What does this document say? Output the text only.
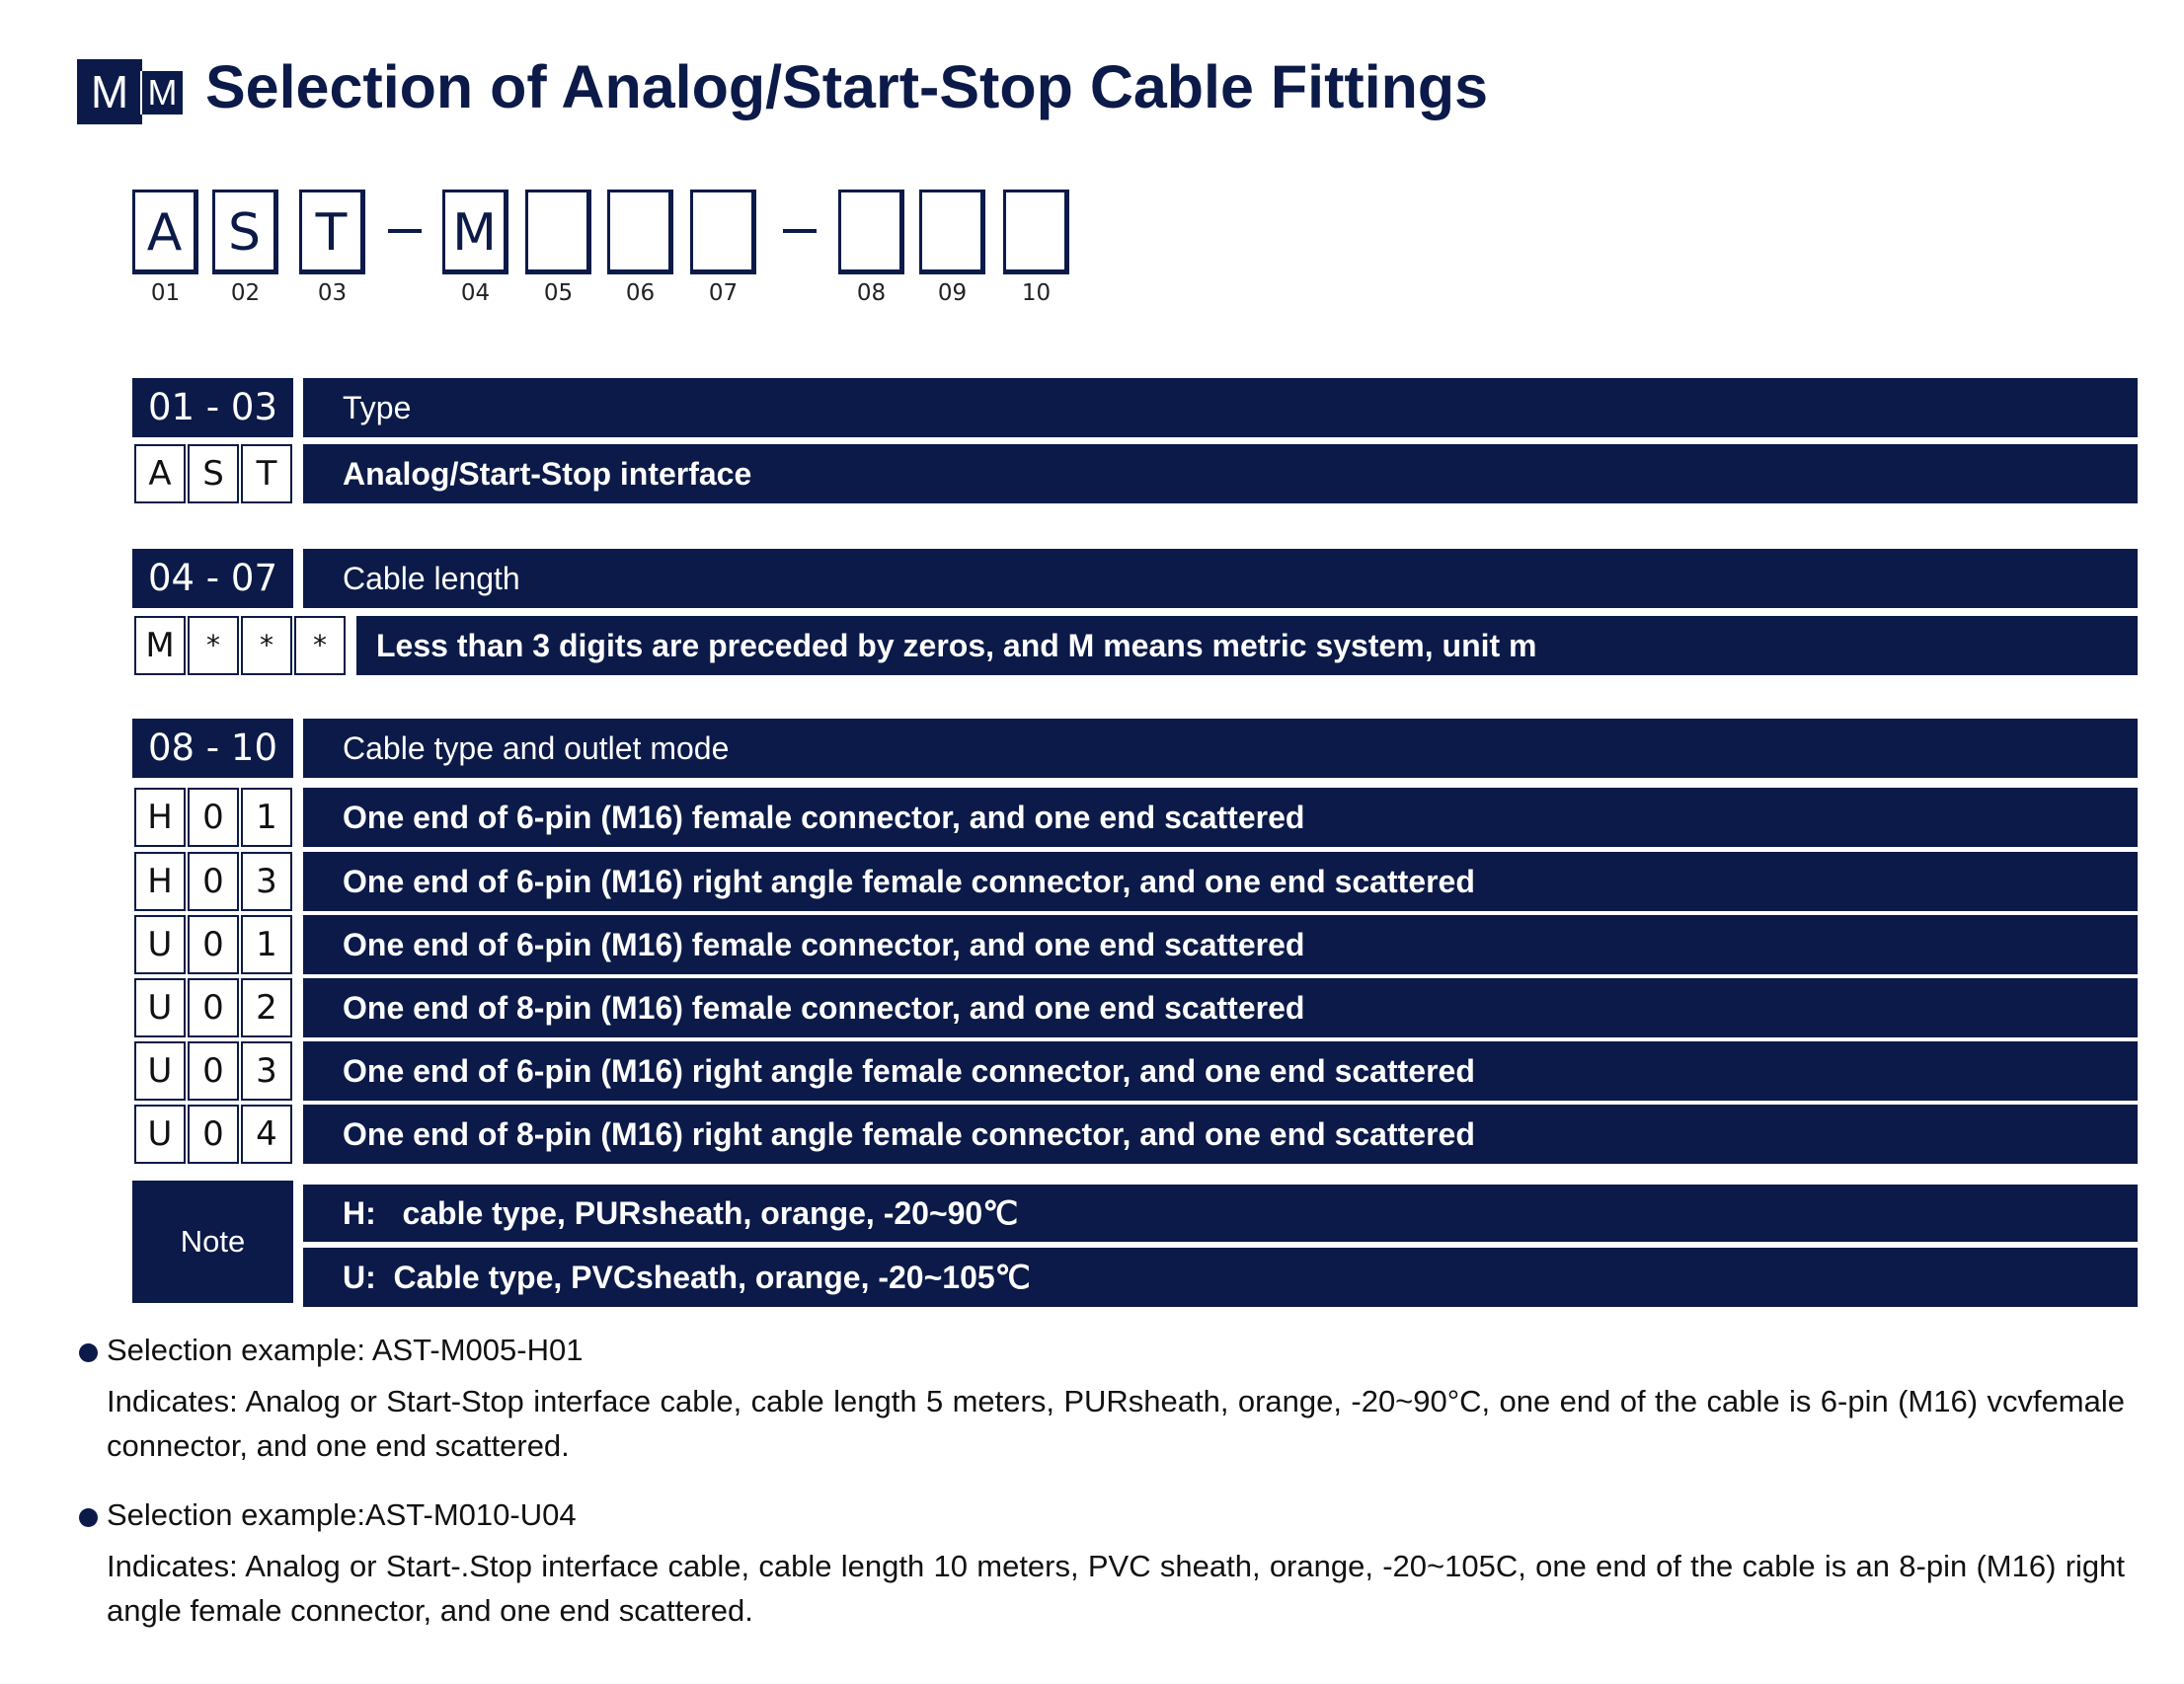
M M Selection of Analog/Start-Stop Cable Fittings
A S	T	M
01	02	03	04	05	06	07	08	09	10
01 - 03	Type
A S T	Analog/Start-Stop interface
04 - 07	Cable length
M	*	*	*	Less than 3 digits are preceded by zeros, and M means metric system, unit m
08 - 10	Cable type and outlet mode
H 0 1	One end of 6-pin (M16) female connector, and one end scattered
H 0 3	One end of 6-pin (M16) right angle female connector, and one end scattered
U 0 1	One end of 6-pin (M16) female connector, and one end scattered
U 0 2	One end of 8-pin (M16) female connector, and one end scattered
U 0 3	One end of 6-pin (M16) right angle female connector, and one end scattered
U 0 4	One end of 8-pin (M16) right angle female connector, and one end scattered
Note
H:   cable type, PURsheath, orange, -20~90℃
U:  Cable type, PVCsheath, orange, -20~105℃
Selection example: AST-M005-H01
Indicates: Analog or Start-Stop interface cable, cable length 5 meters, PURsheath, orange, -20~90°C, one end of the cable is 6-pin (M16) vcvfemale connector, and one end scattered.
Selection example:AST-M010-U04
Indicates: Analog or Start-.Stop interface cable, cable length 10 meters, PVC sheath, orange, -20~105C, one end of the cable is an 8-pin (M16) right angle female connector, and one end scattered.
